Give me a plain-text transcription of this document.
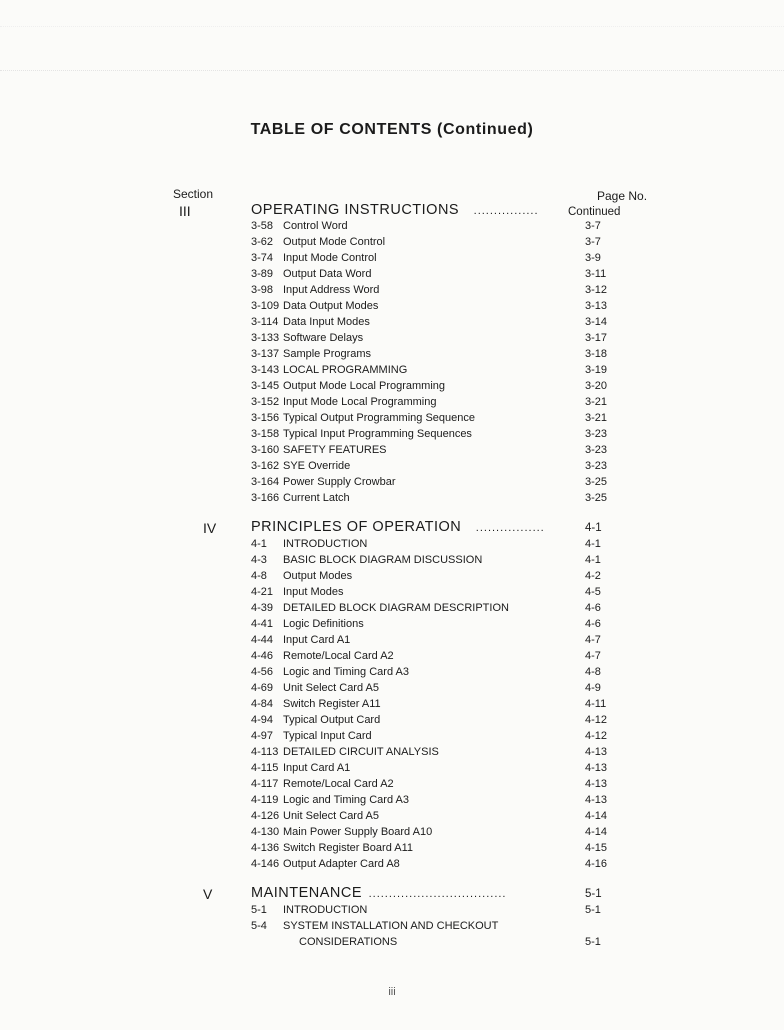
TABLE OF CONTENTS (Continued)
Section	Page No.
III	OPERATING INSTRUCTIONS ................	Continued
3-58 Control Word	3-7
3-62 Output Mode Control	3-7
3-74 Input Mode Control	3-9
3-89 Output Data Word	3-11
3-98 Input Address Word	3-12
3-109 Data Output Modes	3-13
3-114 Data Input Modes	3-14
3-133 Software Delays	3-17
3-137 Sample Programs	3-18
3-143 LOCAL PROGRAMMING	3-19
3-145 Output Mode Local Programming	3-20
3-152 Input Mode Local Programming	3-21
3-156 Typical Output Programming Sequence	3-21
3-158 Typical Input Programming Sequences	3-23
3-160 SAFETY FEATURES	3-23
3-162 SYE Override	3-23
3-164 Power Supply Crowbar	3-25
3-166 Current Latch	3-25
IV PRINCIPLES OF OPERATION .................	4-1
4-1 INTRODUCTION	4-1
4-3 BASIC BLOCK DIAGRAM DISCUSSION	4-1
4-8 Output Modes	4-2
4-21 Input Modes	4-5
4-39 DETAILED BLOCK DIAGRAM DESCRIPTION	4-6
4-41 Logic Definitions	4-6
4-44 Input Card A1	4-7
4-46 Remote/Local Card A2	4-7
4-56 Logic and Timing Card A3	4-8
4-69 Unit Select Card A5	4-9
4-84 Switch Register A11	4-11
4-94 Typical Output Card	4-12
4-97 Typical Input Card	4-12
4-113 DETAILED CIRCUIT ANALYSIS	4-13
4-115 Input Card A1	4-13
4-117 Remote/Local Card A2	4-13
4-119 Logic and Timing Card A3	4-13
4-126 Unit Select Card A5	4-14
4-130 Main Power Supply Board A10	4-14
4-136 Switch Register Board A11	4-15
4-146 Output Adapter Card A8	4-16
V	MAINTENANCE ..................................	5-1
5-1 INTRODUCTION	5-1
5-4 SYSTEM INSTALLATION AND CHECKOUT
CONSIDERATIONS	5-1
iii
